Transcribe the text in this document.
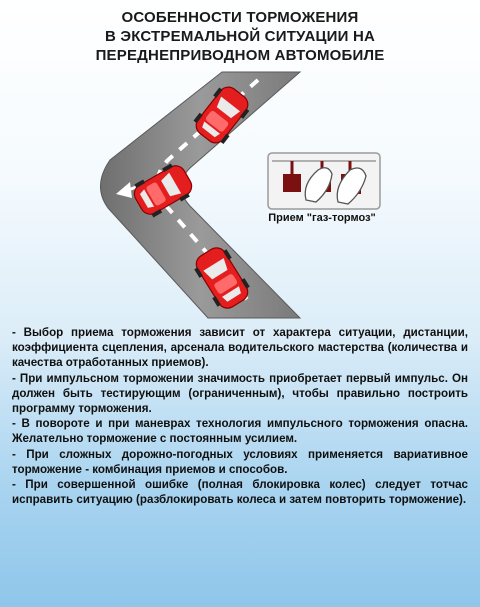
ОСОБЕННОСТИ ТОРМОЖЕНИЯ
В ЭКСТРЕМАЛЬНОЙ СИТУАЦИИ НА
ПЕРЕДНЕПРИВОДНОМ АВТОМОБИЛЕ
Прием "газ-тормоз"

- Выбор приема торможения зависит от характера ситуации, дистанции, коэффициента сцепления, арсенала водительского мастерства (количества и качества отработанных приемов).

- При импульсном торможении значимость приобретает первый импульс. Он должен быть тестирующим (ограниченным), чтобы правильно построить программу торможения.

- В повороте и при маневрах технология импульсного торможения опасна. Желательно торможение с постоянным усилием.

- При сложных дорожно-погодных условиях применяется вариативное торможение - комбинация приемов и способов.

- При совершенной ошибке (полная блокировка колес) следует тотчас исправить ситуацию (разблокировать колеса и затем повторить торможение).
